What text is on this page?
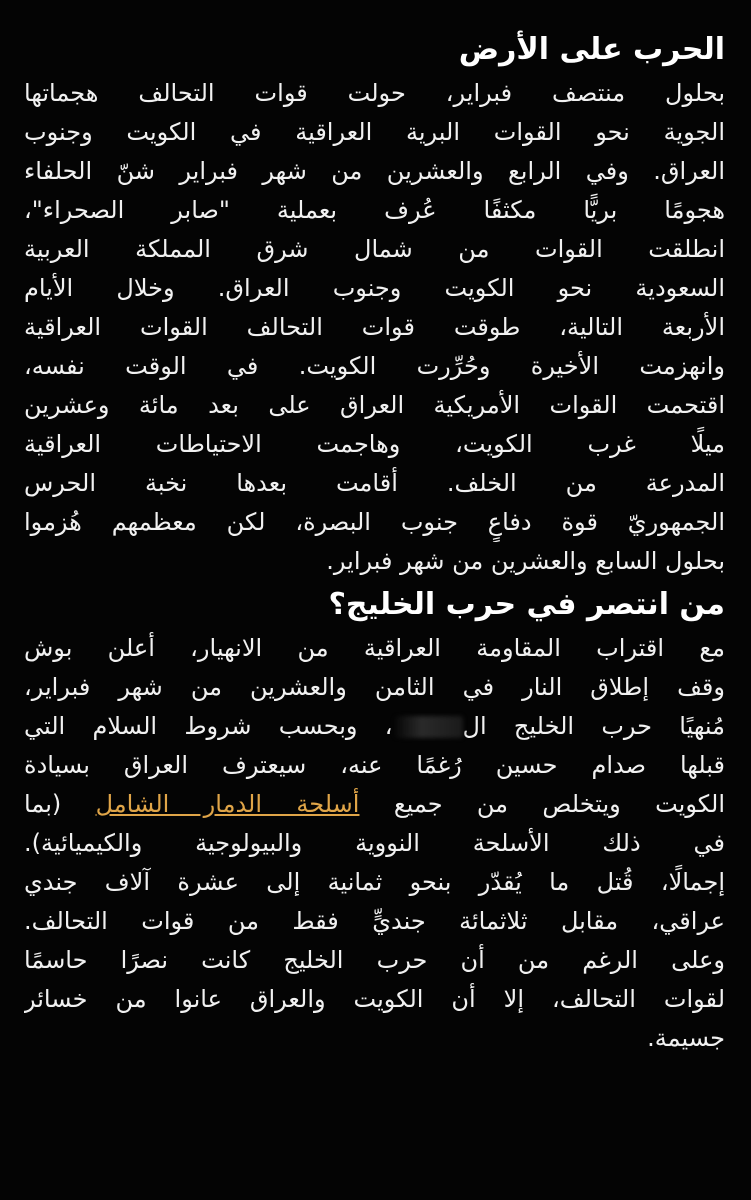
الحرب على الأرض
بحلول منتصف فبراير، حولت قوات التحالف هجماتها
الجوية نحو القوات البرية العراقية في الكويت وجنوب
العراق. وفي الرابع والعشرين من شهر فبراير شنّ الحلفاء
هجومًا بريًّا مكثفًا عُرف بعملية "صابر الصحراء"،
انطلقت القوات من شمال شرق المملكة العربية
السعودية نحو الكويت وجنوب العراق. وخلال الأيام
الأربعة التالية، طوقت قوات التحالف القوات العراقية
وانهزمت الأخيرة وحُرِّرت الكويت. في الوقت نفسه،
اقتحمت القوات الأمريكية العراق على بعد مائة وعشرين
ميلًا غرب الكويت، وهاجمت الاحتياطات العراقية
المدرعة من الخلف. أقامت بعدها نخبة الحرس
الجمهوريّ قوة دفاعٍ جنوب البصرة، لكن معظمهم هُزموا
بحلول السابع والعشرين من شهر فبراير.
من انتصر في حرب الخليج؟
مع اقتراب المقاومة العراقية من الانهيار، أعلن بوش
وقف إطلاق النار في الثامن والعشرين من شهر فبراير،
مُنهيًا حرب الخليج ال، وبحسب شروط السلام التي
قبلها صدام حسين رُغمًا عنه، سيعترف العراق بسيادة
الكويت ويتخلص من جميع أسلحة الدمار الشامل (بما
في ذلك الأسلحة النووية والبيولوجية والكيميائية).
إجمالًا، قُتل ما يُقدّر بنحو ثمانية إلى عشرة آلاف جندي
عراقي، مقابل ثلاثمائة جنديٍّ فقط من قوات التحالف.
وعلى الرغم من أن حرب الخليج كانت نصرًا حاسمًا
لقوات التحالف، إلا أن الكويت والعراق عانوا من خسائر
جسيمة.
